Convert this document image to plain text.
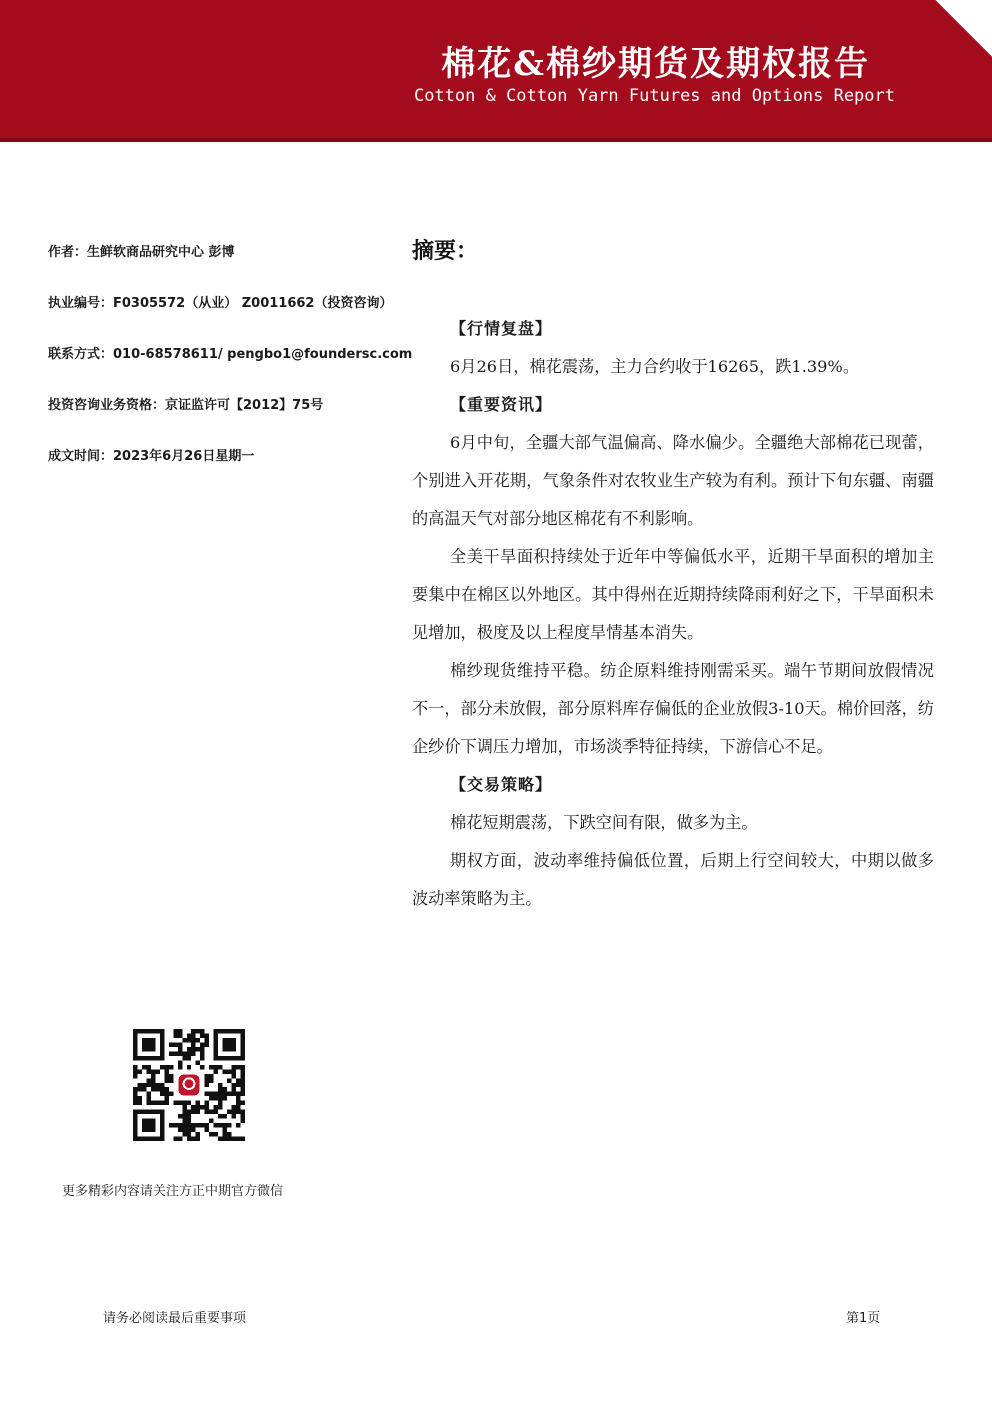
棉花&棉纱期货及期权报告
Cotton & Cotton Yarn Futures and Options Report
作者：生鲜软商品研究中心 彭博
执业编号：F0305572（从业） Z0011662（投资咨询）
联系方式：010-68578611/ pengbo1@foundersc.com
投资咨询业务资格：京证监许可【2012】75号
成文时间：2023年6月26日星期一
更多精彩内容请关注方正中期官方微信
摘要：
【行情复盘】

6月26日，棉花震荡，主力合约收于16265，跌1.39%。

【重要资讯】

6月中旬，全疆大部气温偏高、降水偏少。全疆绝大部棉花已现蕾，个别进入开花期，气象条件对农牧业生产较为有利。预计下旬东疆、南疆的高温天气对部分地区棉花有不利影响。

全美干旱面积持续处于近年中等偏低水平，近期干旱面积的增加主要集中在棉区以外地区。其中得州在近期持续降雨利好之下，干旱面积未见增加，极度及以上程度旱情基本消失。

棉纱现货维持平稳。纺企原料维持刚需采买。端午节期间放假情况不一，部分未放假，部分原料库存偏低的企业放假3-10天。棉价回落，纺企纱价下调压力增加，市场淡季特征持续，下游信心不足。

【交易策略】

棉花短期震荡，下跌空间有限，做多为主。

期权方面，波动率维持偏低位置，后期上行空间较大，中期以做多波动率策略为主。

请务必阅读最后重要事项	第1页
